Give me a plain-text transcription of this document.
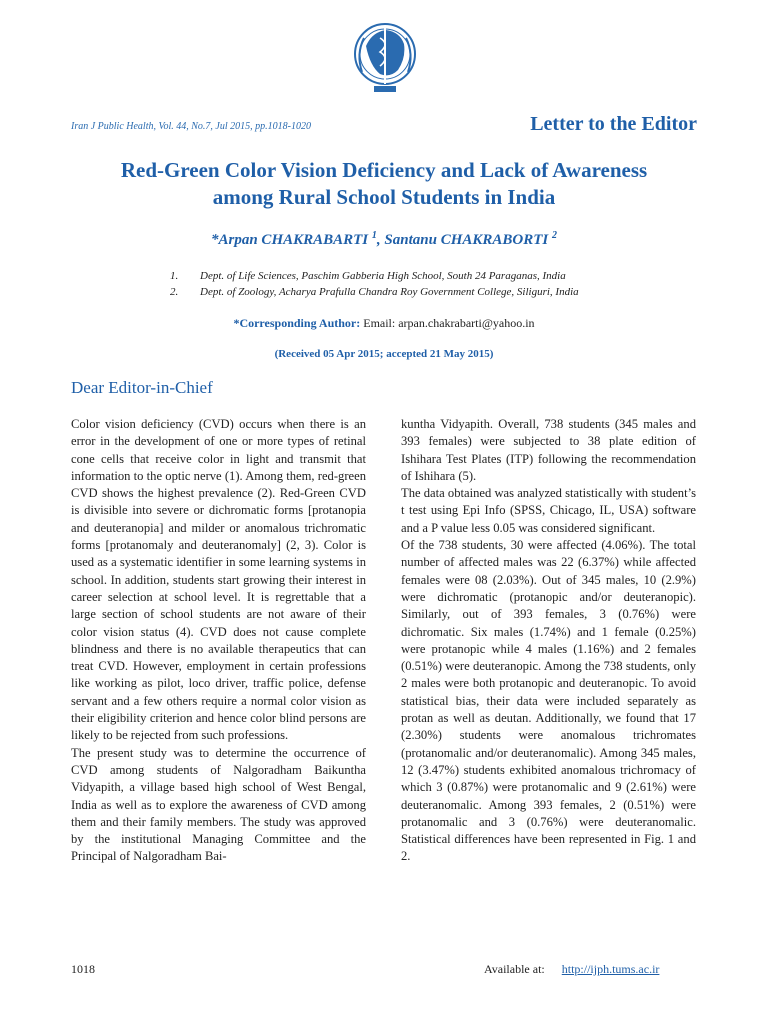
Iran J Public Health, Vol. 44, No.7, Jul 2015, pp.1018-1020	Letter to the Editor
Red-Green Color Vision Deficiency and Lack of Awareness
among Rural School Students in India
*Arpan CHAKRABARTI $^1$, Santanu CHAKRABORTI $^2$
1. Dept. of Life Sciences, Paschim Gabberia High School, South 24 Paraganas, India
2. Dept. of Zoology, Acharya Prafulla Chandra Roy Government College, Siliguri, India
*Corresponding Author: Email: arpan.chakrabarti@yahoo.in
(Received 05 Apr 2015; accepted 21 May 2015)
Dear Editor-in-Chief

Color vision deficiency (CVD) occurs when there is an error in the development of one or more types of retinal cone cells that receive color in light and transmit that information to the optic nerve (1). Among them, red-green CVD shows the highest prevalence (2). Red-Green CVD is divisible into severe or dichromatic forms [protanopia and deuteranopia] and milder or anomalous trichromatic forms [protanomaly and deuteranomaly] (2, 3). Color is used as a systematic identifier in some learning systems in school. In addition, students start growing their interest in career selection at school level. It is regrettable that a large section of school students are not aware of their color vision status (4). CVD does not cause complete blindness and there is no available therapeutics that can treat CVD. However, employment in certain professions like working as pilot, loco driver, traffic police, defense servant and a few others require a normal color vision as their eligibility criterion and hence color blind persons are likely to be rejected from such professions.

The present study was to determine the occurrence of CVD among students of Nalgoradham Baikuntha Vidyapith, a village based high school of West Bengal, India as well as to explore the awareness of CVD among them and their family members. The study was approved by the institutional Managing Committee and the Principal of Nalgoradham Bai-

kuntha Vidyapith. Overall, 738 students (345 males and 393 females) were subjected to 38 plate edition of Ishihara Test Plates (ITP) following the recommendation of Ishihara (5).

The data obtained was analyzed statistically with student’s t test using Epi Info (SPSS, Chicago, IL, USA) software and a P value less 0.05 was considered significant.

Of the 738 students, 30 were affected (4.06%). The total number of affected males was 22 (6.37%) while affected females were 08 (2.03%). Out of 345 males, 10 (2.9%) were dichromatic (protanopic and/or deuteranopic). Similarly, out of 393 females, 3 (0.76%) were dichromatic. Six males (1.74%) and 1 female (0.25%) were protanopic while 4 males (1.16%) and 2 females (0.51%) were deuteranopic. Among the 738 students, only 2 males were both protanopic and deuteranopic. To avoid statistical bias, their data were included separately as protan as well as deutan. Additionally, we found that 17 (2.30%) students were anomalous trichromates (protanomalic and/or deuteranomalic). Among 345 males, 12 (3.47%) students exhibited anomalous trichromacy of which 3 (0.87%) were protanomalic and 9 (2.61%) were deuteranomalic. Among 393 females, 2 (0.51%) were protanomalic and 3 (0.76%) were deuteranomalic. Statistical differences have been represented in Fig. 1 and 2.

1018	Available at: http://ijph.tums.ac.ir
